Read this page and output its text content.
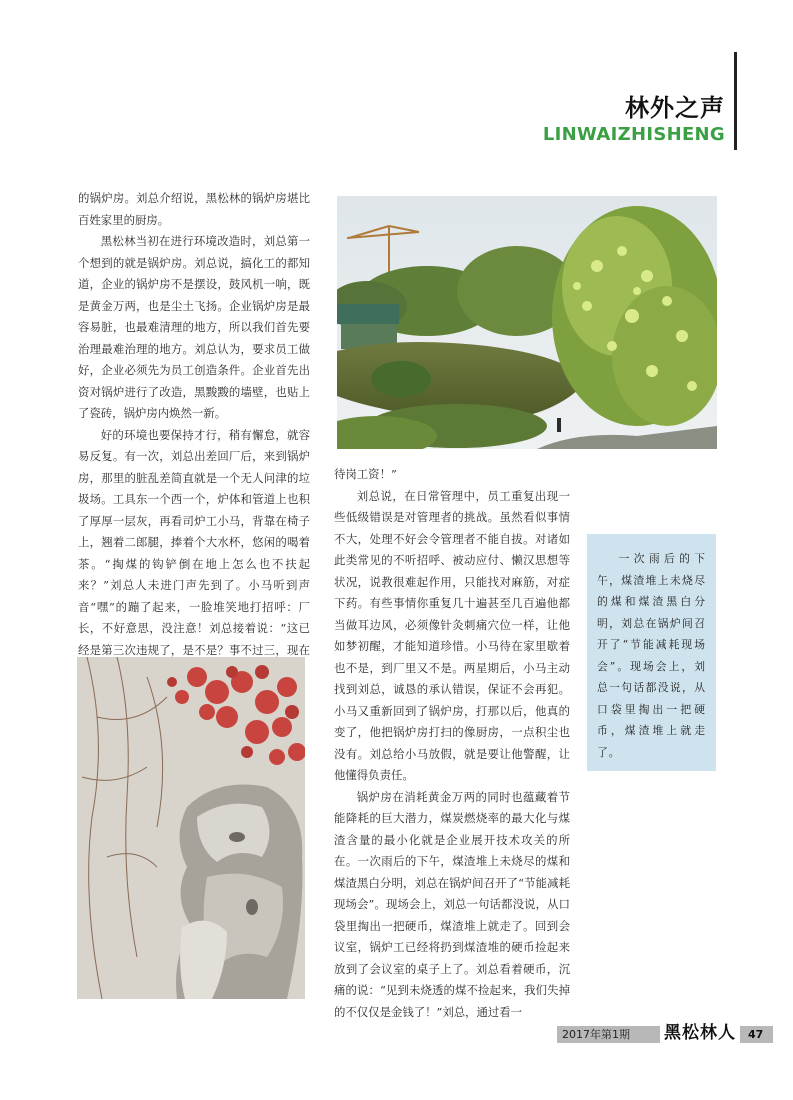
林外之声
LINWAIZHISHENG

的锅炉房。刘总介绍说，黑松林的锅炉房堪比百姓家里的厨房。

黑松林当初在进行环境改造时，刘总第一个想到的就是锅炉房。刘总说，搞化工的都知道，企业的锅炉房不是摆设，鼓风机一响，既是黄金万两，也是尘土飞扬。企业锅炉房是最容易脏，也最难清理的地方，所以我们首先要治理最难治理的地方。刘总认为，要求员工做好，企业必须先为员工创造条件。企业首先出资对锅炉进行了改造，黑黢黢的墙壁，也贴上了瓷砖，锅炉房内焕然一新。

好的环境也要保持才行，稍有懈怠，就容易反复。有一次，刘总出差回厂后，来到锅炉房，那里的脏乱差简直就是一个无人问津的垃圾场。工具东一个西一个，炉体和管道上也积了厚厚一层灰，再看司炉工小马，背靠在椅子上，翘着二郎腿，捧着个大水杯，悠闲的喝着茶。“掏煤的钩铲倒在地上怎么也不扶起来？”刘总人未进门声先到了。小马听到声音“嘿”的蹦了起来，一脸堆笑地打招呼：厂长，不好意思，没注意！刘总接着说：“这已经是第三次违规了，是不是？事不过三，现在

待岗工资！”

刘总说，在日常管理中，员工重复出现一些低级错误是对管理者的挑战。虽然看似事情不大，处理不好会令管理者不能自拔。对诸如此类常见的不听招呼、被动应付、懒汉思想等状况，说教很难起作用，只能找对麻筋，对症下药。有些事情你重复几十遍甚至几百遍他都当做耳边风，必须像针灸刺痛穴位一样，让他如梦初醒，才能知道珍惜。小马待在家里歇着也不是，到厂里又不是。两星期后，小马主动找到刘总，诚恳的承认错误，保证不会再犯。小马又重新回到了锅炉房，打那以后，他真的变了，他把锅炉房打扫的像厨房，一点积尘也没有。刘总给小马放假，就是要让他警醒，让他懂得负责任。

锅炉房在消耗黄金万两的同时也蕴藏着节能降耗的巨大潜力，煤炭燃烧率的最大化与煤渣含量的最小化就是企业展开技术攻关的所在。一次雨后的下午，煤渣堆上未烧尽的煤和煤渣黑白分明，刘总在锅炉间召开了“节能减耗现场会”。现场会上，刘总一句话都没说，从口袋里掏出一把硬币，煤渣堆上就走了。回到会议室，锅炉工已经将扔到煤渣堆的硬币捡起来放到了会议室的桌子上了。刘总看着硬币，沉痛的说：“见到未烧透的煤不捡起来，我们失掉的不仅仅是金钱了！”刘总，通过看一

一次雨后的下午，煤渣堆上未烧尽的煤和煤渣黑白分明，刘总在锅炉间召开了“节能减耗现场会”。现场会上，刘总一句话都没说，从口袋里掏出一把硬币，煤渣堆上就走了。

2017年第1期 黑松林人	47
